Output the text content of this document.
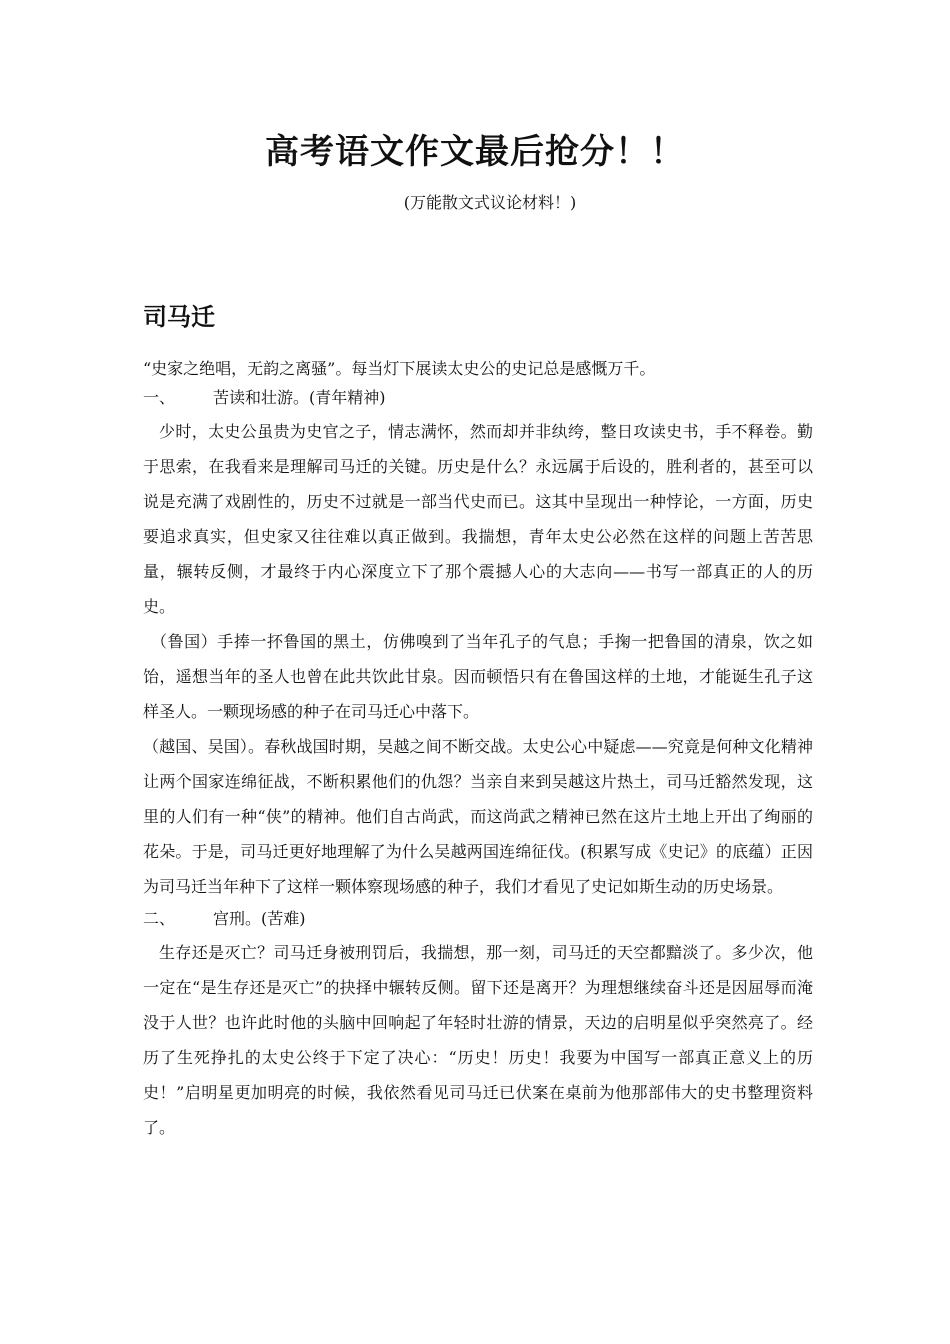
高考语文作文最后抢分！！
(万能散文式议论材料！)
司马迁

“史家之绝唱，无韵之离骚”。每当灯下展读太史公的史记总是感慨万千。

一、	苦读和壮游。(青年精神)

少时，太史公虽贵为史官之子，情志满怀，然而却并非纨绔，整日攻读史书，手不释卷。勤于思索，在我看来是理解司马迁的关键。历史是什么？永远属于后设的，胜利者的，甚至可以说是充满了戏剧性的，历史不过就是一部当代史而已。这其中呈现出一种悖论，一方面，历史要追求真实，但史家又往往难以真正做到。我揣想，青年太史公必然在这样的问题上苦苦思量，辗转反侧，才最终于内心深度立下了那个震撼人心的大志向——书写一部真正的人的历史。

（鲁国）手捧一抔鲁国的黑土，仿佛嗅到了当年孔子的气息；手掬一把鲁国的清泉，饮之如饴，遥想当年的圣人也曾在此共饮此甘泉。因而顿悟只有在鲁国这样的土地，才能诞生孔子这样圣人。一颗现场感的种子在司马迁心中落下。

（越国、吴国）。春秋战国时期，吴越之间不断交战。太史公心中疑虑——究竟是何种文化精神让两个国家连绵征战，不断积累他们的仇怨？当亲自来到吴越这片热土，司马迁豁然发现，这里的人们有一种“侠”的精神。他们自古尚武，而这尚武之精神已然在这片土地上开出了绚丽的花朵。于是，司马迁更好地理解了为什么吴越两国连绵征伐。(积累写成《史记》的底蕴）正因为司马迁当年种下了这样一颗体察现场感的种子，我们才看见了史记如斯生动的历史场景。

二、	宫刑。(苦难)

生存还是灭亡？司马迁身被刑罚后，我揣想，那一刻，司马迁的天空都黯淡了。多少次，他一定在“是生存还是灭亡”的抉择中辗转反侧。留下还是离开？为理想继续奋斗还是因屈辱而淹没于人世？也许此时他的头脑中回响起了年轻时壮游的情景，天边的启明星似乎突然亮了。经历了生死挣扎的太史公终于下定了决心：“历史！历史！我要为中国写一部真正意义上的历史！”启明星更加明亮的时候，我依然看见司马迁已伏案在桌前为他那部伟大的史书整理资料了。
